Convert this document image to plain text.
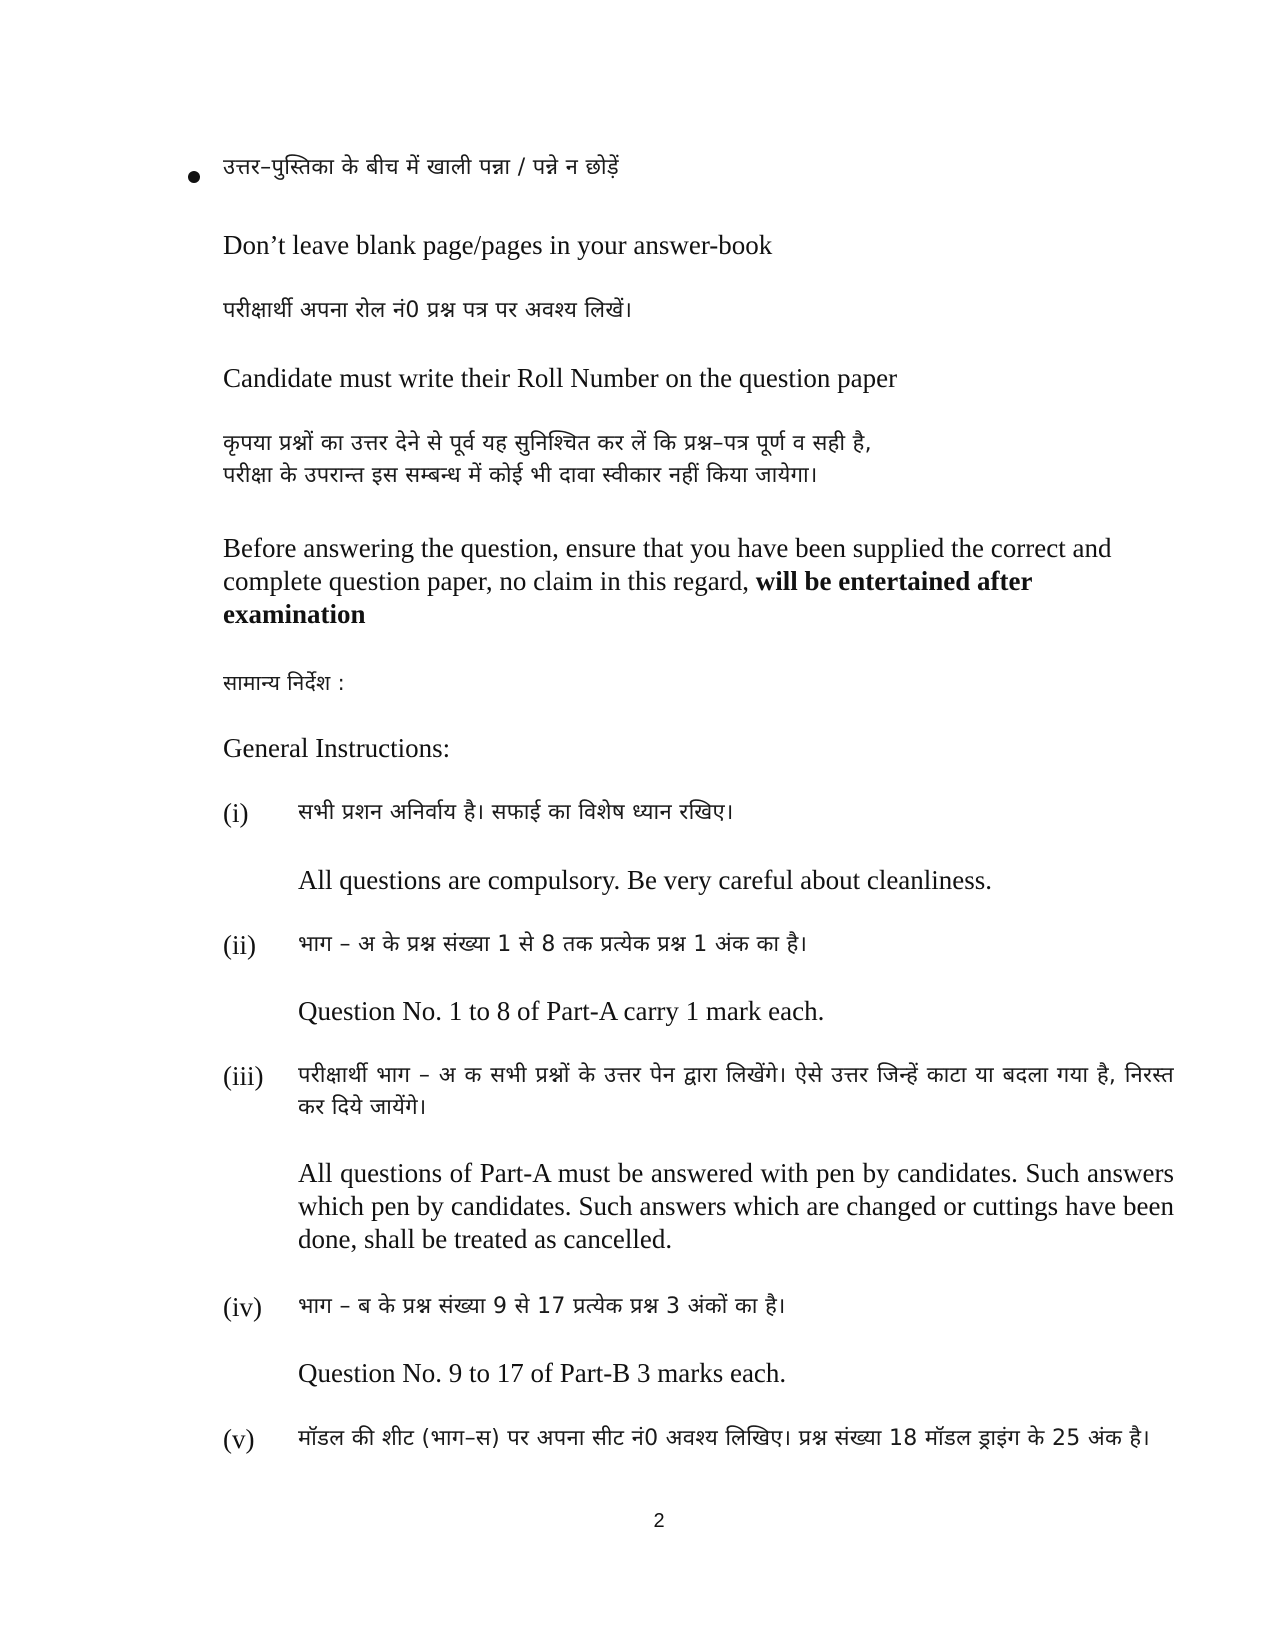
उत्तर–पुस्तिका के बीच में खाली पन्ना / पन्ने न छोड़ें
Don’t leave blank page/pages in your answer-book
परीक्षार्थी अपना रोल नं0 प्रश्न पत्र पर अवश्य लिखें।
Candidate must write their Roll Number on the question paper
कृपया प्रश्नों का उत्तर देने से पूर्व यह सुनिश्चित कर लें कि प्रश्न–पत्र पूर्ण व सही है,
परीक्षा के उपरान्त इस सम्बन्ध में कोई भी दावा स्वीकार नहीं किया जायेगा।
Before answering the question, ensure that you have been supplied the correct and complete question paper, no claim in this regard, will be entertained after examination
सामान्य निर्देश :
General Instructions:
(i) सभी प्रशन अनिर्वाय है। सफाई का विशेष ध्यान रखिए।
All questions are compulsory. Be very careful about cleanliness.
(ii) भाग – अ के प्रश्न संख्या 1 से 8 तक प्रत्येक प्रश्न 1 अंक का है।
Question No. 1 to 8 of Part-A carry 1 mark each.
(iii) परीक्षार्थी भाग – अ क सभी प्रश्नों के उत्तर पेन द्वारा लिखेंगे। ऐसे उत्तर जिन्हें काटा या बदला गया है, निरस्त कर दिये जायेंगे।
All questions of Part-A must be answered with pen by candidates. Such answers which pen by candidates. Such answers which are changed or cuttings have been done, shall be treated as cancelled.
(iv) भाग – ब के प्रश्न संख्या 9 से 17 प्रत्येक प्रश्न 3 अंकों का है।
Question No. 9 to 17 of Part-B 3 marks each.
(v) मॉडल की शीट (भाग–स) पर अपना सीट नं0 अवश्य लिखिए। प्रश्न संख्या 18 मॉडल ड्राइंग के 25 अंक है।
2
